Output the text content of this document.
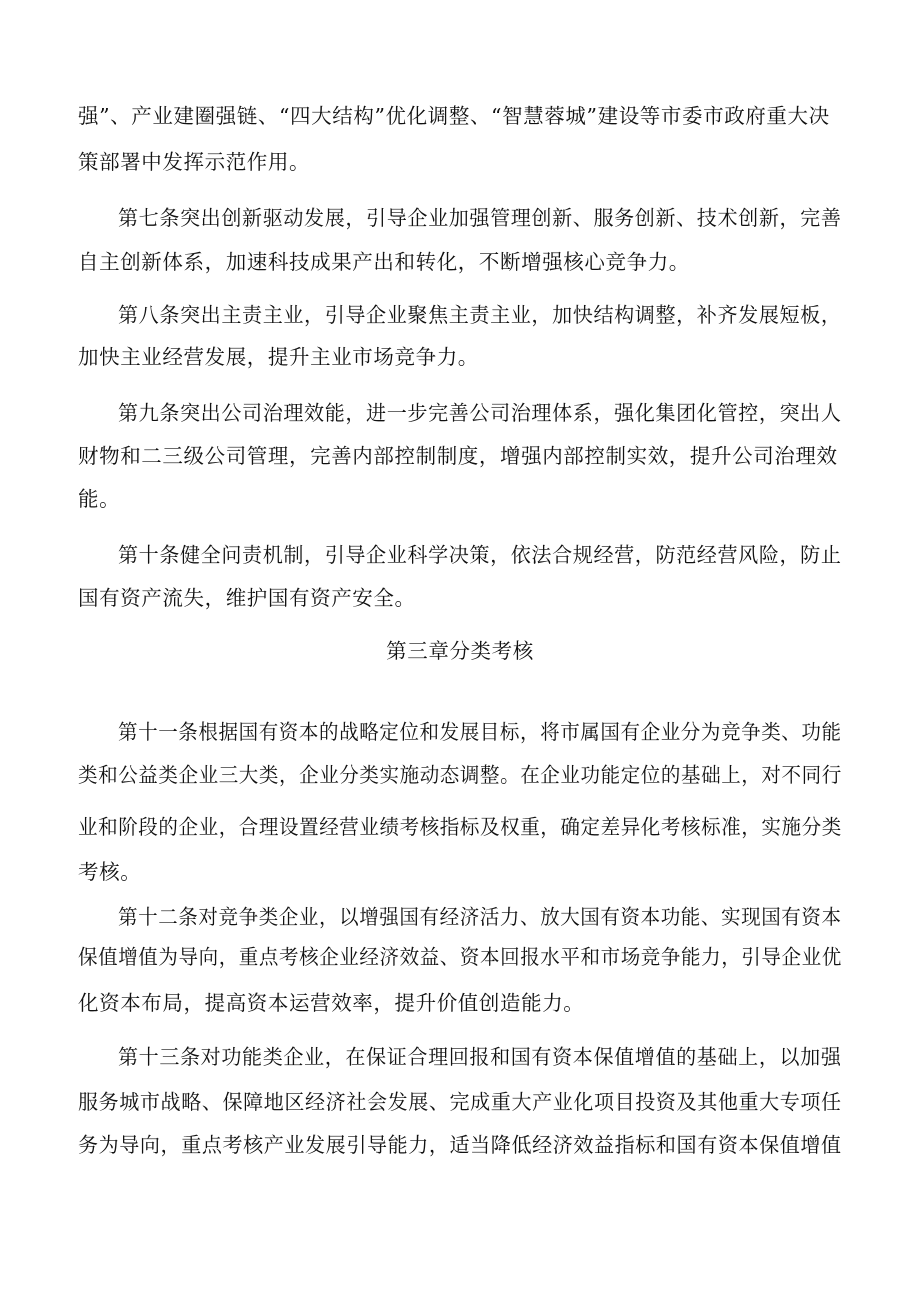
强”、产业建圈强链、“四大结构”优化调整、“智慧蓉城”建设等市委市政府重大决
策部署中发挥示范作用。
第七条突出创新驱动发展，引导企业加强管理创新、服务创新、技术创新，完善
自主创新体系，加速科技成果产出和转化，不断增强核心竞争力。
第八条突出主责主业，引导企业聚焦主责主业，加快结构调整，补齐发展短板，
加快主业经营发展，提升主业市场竞争力。
第九条突出公司治理效能，进一步完善公司治理体系，强化集团化管控，突出人
财物和二三级公司管理，完善内部控制制度，增强内部控制实效，提升公司治理效
能。
第十条健全问责机制，引导企业科学决策，依法合规经营，防范经营风险，防止
国有资产流失，维护国有资产安全。
第三章分类考核
第十一条根据国有资本的战略定位和发展目标，将市属国有企业分为竞争类、功能
类和公益类企业三大类，企业分类实施动态调整。在企业功能定位的基础上，对不同行
业和阶段的企业，合理设置经营业绩考核指标及权重，确定差异化考核标准，实施分类
考核。
第十二条对竞争类企业，以增强国有经济活力、放大国有资本功能、实现国有资本
保值增值为导向，重点考核企业经济效益、资本回报水平和市场竞争能力，引导企业优
化资本布局，提高资本运营效率，提升价值创造能力。
第十三条对功能类企业，在保证合理回报和国有资本保值增值的基础上，以加强
服务城市战略、保障地区经济社会发展、完成重大产业化项目投资及其他重大专项任
务为导向，重点考核产业发展引导能力，适当降低经济效益指标和国有资本保值增值
